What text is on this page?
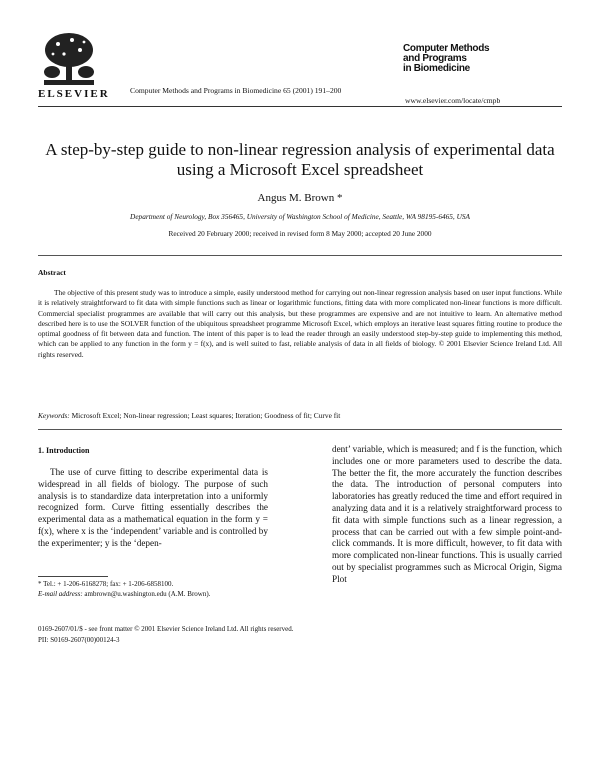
ELSEVIER
Computer Methods
and Programs
in Biomedicine
Computer Methods and Programs in Biomedicine 65 (2001) 191–200
www.elsevier.com/locate/cmpb
A step-by-step guide to non-linear regression analysis of experimental data using a Microsoft Excel spreadsheet
Angus M. Brown *
Department of Neurology, Box 356465, University of Washington School of Medicine, Seattle, WA 98195-6465, USA
Received 20 February 2000; received in revised form 8 May 2000; accepted 20 June 2000
Abstract
The objective of this present study was to introduce a simple, easily understood method for carrying out non-linear regression analysis based on user input functions. While it is relatively straightforward to fit data with simple functions such as linear or logarithmic functions, fitting data with more complicated non-linear functions is more difficult. Commercial specialist programmes are available that will carry out this analysis, but these programmes are expensive and are not intuitive to learn. An alternative method described here is to use the SOLVER function of the ubiquitous spreadsheet programme Microsoft Excel, which employs an iterative least squares fitting routine to produce the optimal goodness of fit between data and function. The intent of this paper is to lead the reader through an easily understood step-by-step guide to implementing this method, which can be applied to any function in the form y = f(x), and is well suited to fast, reliable analysis of data in all fields of biology. © 2001 Elsevier Science Ireland Ltd. All rights reserved.
Keywords: Microsoft Excel; Non-linear regression; Least squares; Iteration; Goodness of fit; Curve fit
1. Introduction
The use of curve fitting to describe experimental data is widespread in all fields of biology. The purpose of such analysis is to standardize data interpretation into a uniformly recognized form. Curve fitting essentially describes the experimental data as a mathematical equation in the form y = f(x), where x is the ‘independent’ variable and is controlled by the experimenter; y is the ‘depen-
dent’ variable, which is measured; and f is the function, which includes one or more parameters used to describe the data. The better the fit, the more accurately the function describes the data. The introduction of personal computers into laboratories has greatly reduced the time and effort required in analyzing data and it is a relatively straightforward process to fit data with simple functions such as a linear regression, a process that can be carried out with a few simple point-and-click commands. It is more difficult, however, to fit data with more complicated non-linear functions. This is usually carried out by specialist programmes such as Microcal Origin, Sigma Plot

* Tel.: + 1-206-6168278; fax: + 1-206-6858100.

E-mail address: ambrown@u.washington.edu (A.M. Brown).

0169-2607/01/$ - see front matter © 2001 Elsevier Science Ireland Ltd. All rights reserved.
PII: S0169-2607(00)00124-3
